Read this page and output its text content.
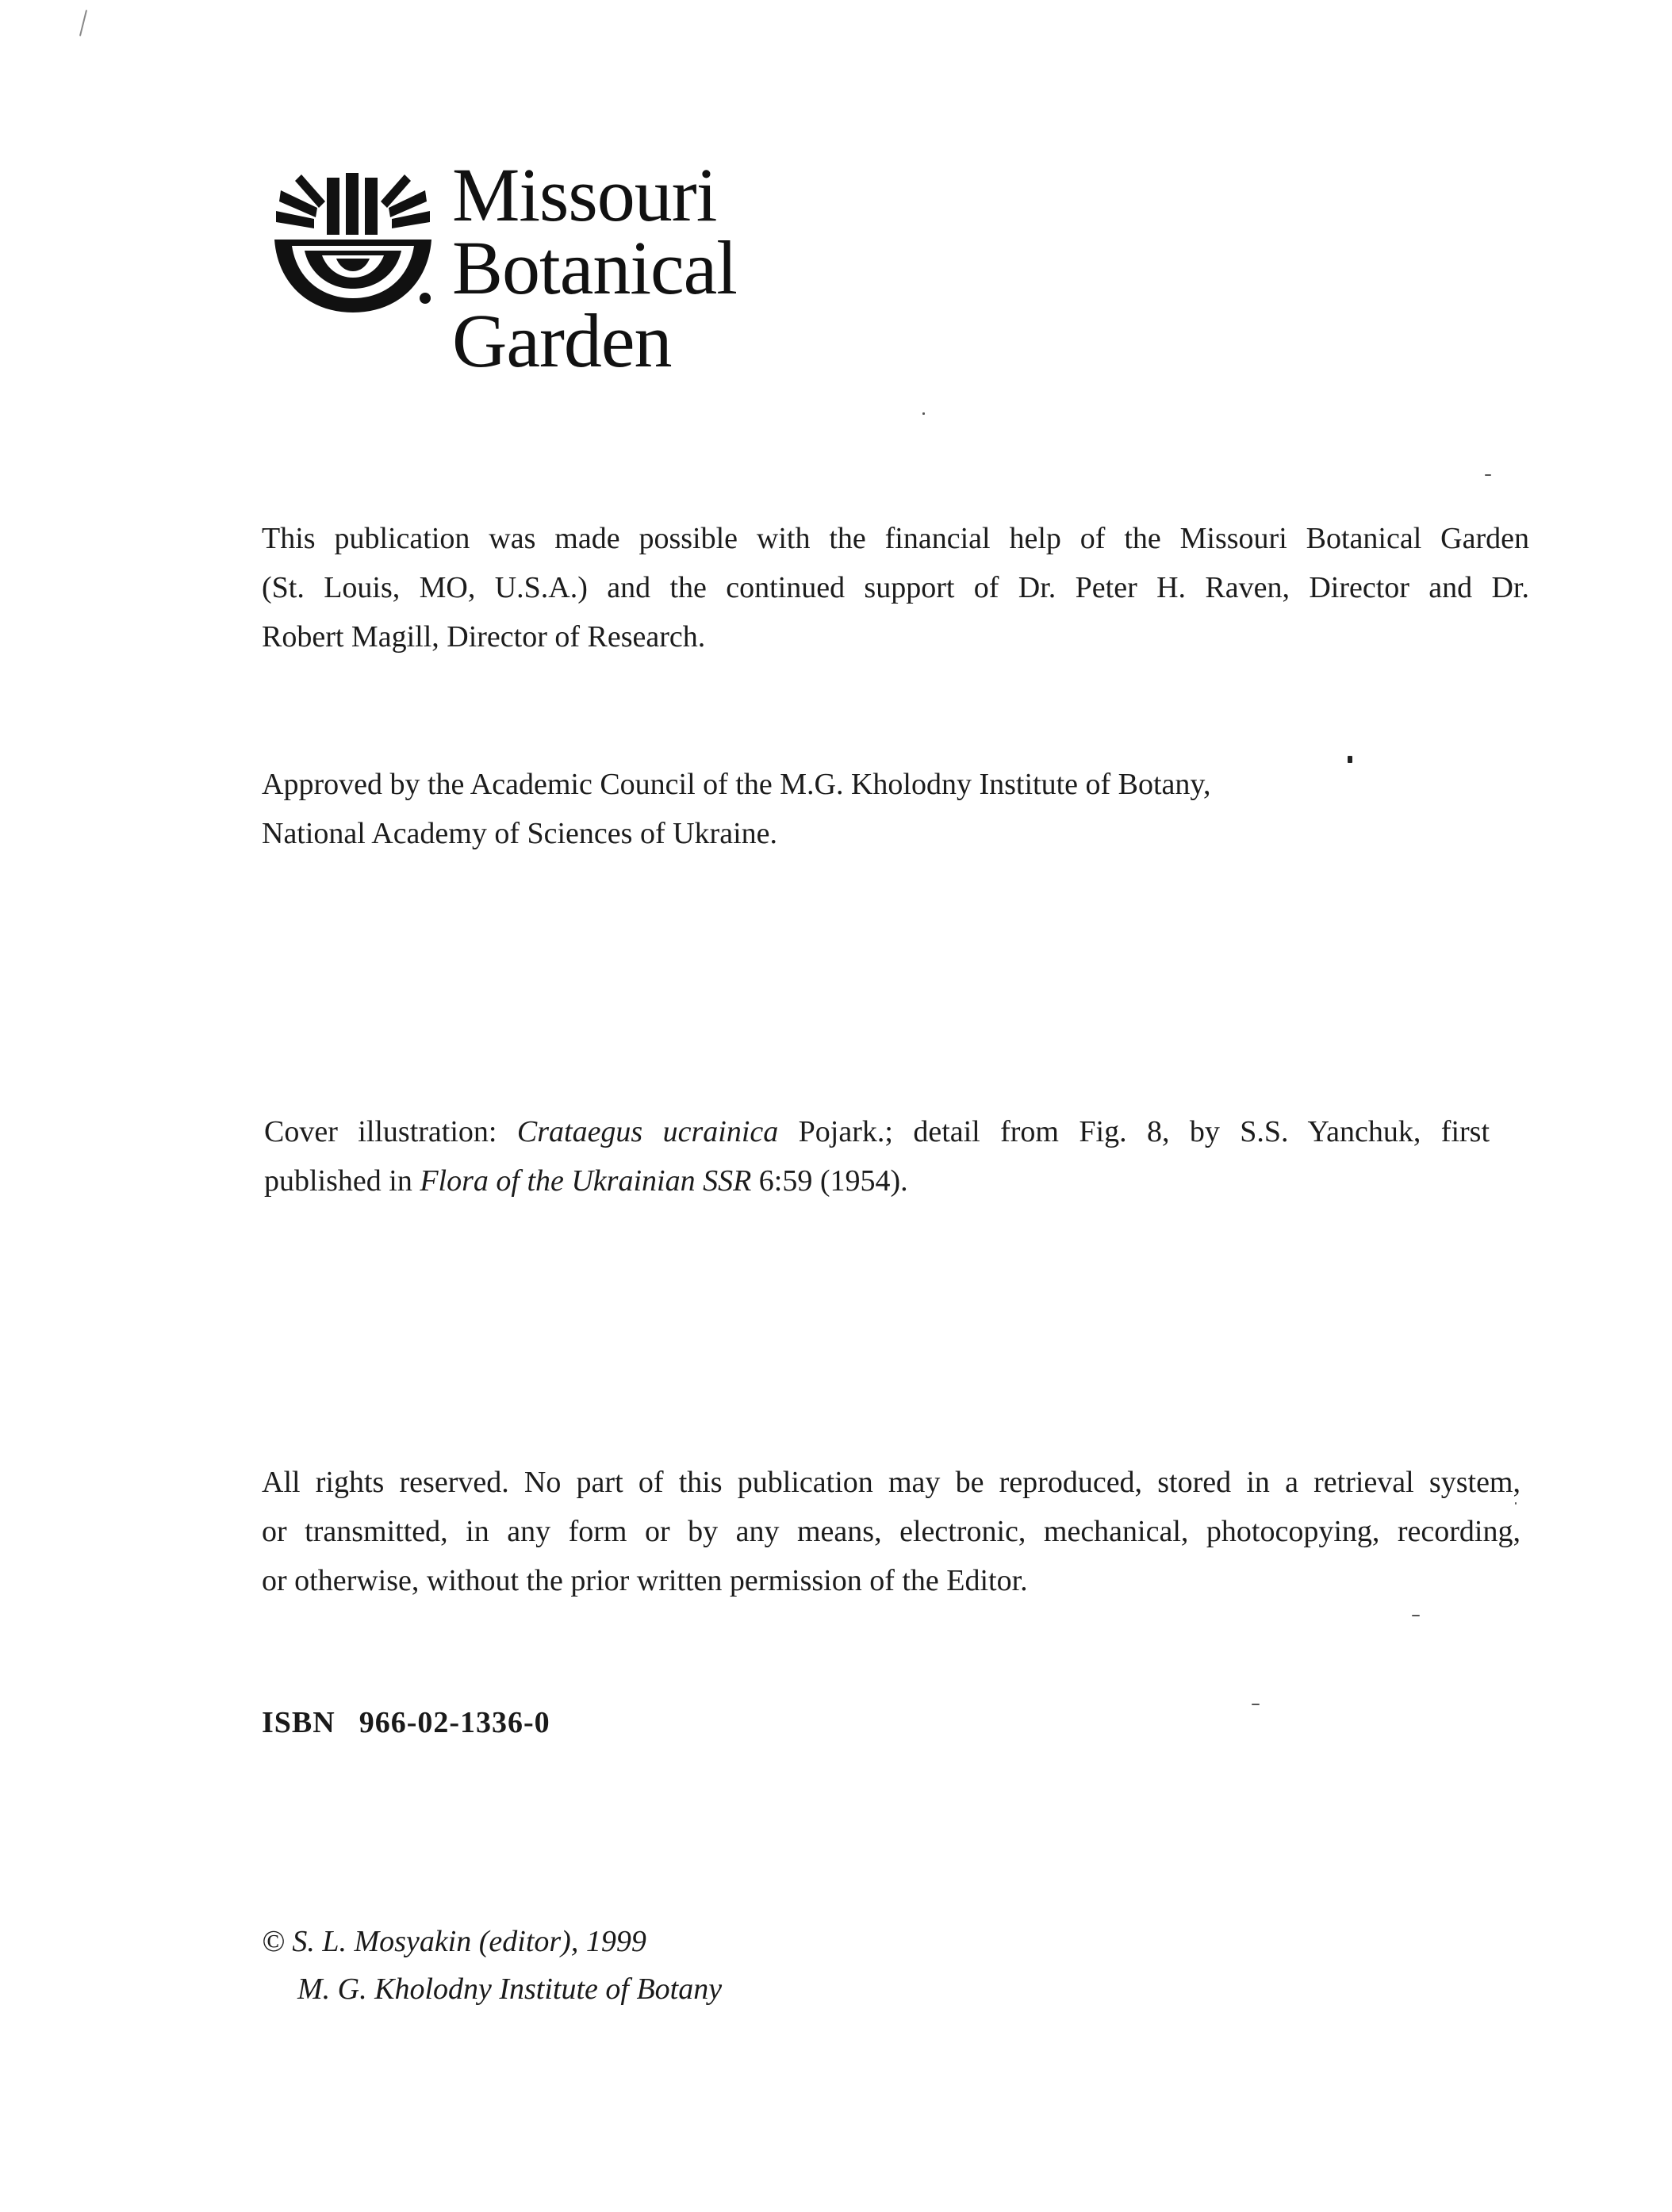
Missouri
Botanical
Garden

This publication was made possible with the financial help of the Missouri Botanical Garden
(St. Louis, MO, U.S.A.) and the continued support of Dr. Peter H. Raven, Director and Dr.
Robert Magill, Director of Research.

Approved by the Academic Council of the M.G. Kholodny Institute of Botany,
National Academy of Sciences of Ukraine.

Cover illustration: Crataegus ucrainica Pojark.; detail from Fig. 8, by S.S. Yanchuk, first
published in Flora of the Ukrainian SSR 6:59 (1954).

All rights reserved. No part of this publication may be reproduced, stored in a retrieval system,
or transmitted, in any form or by any means, electronic, mechanical, photocopying, recording,
or otherwise, without the prior written permission of the Editor.

ISBN 966-02-1336-0

© S. L. Mosyakin (editor), 1999
M. G. Kholodny Institute of Botany
